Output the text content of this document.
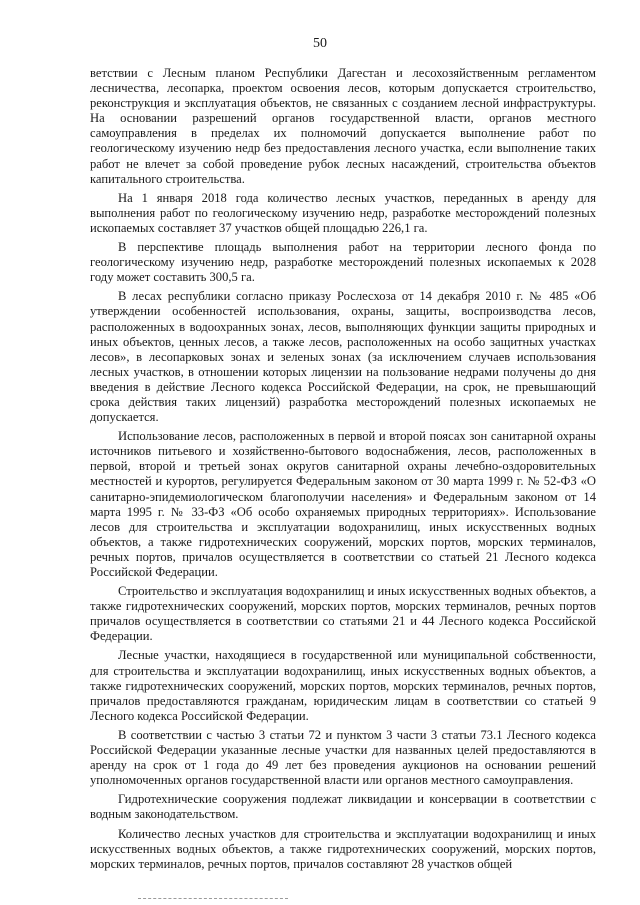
50

ветствии с Лесным планом Республики Дагестан и лесохозяйственным регламентом лесничества, лесопарка, проектом освоения лесов, которым допускается строительство, реконструкция и эксплуатация объектов, не связанных с созданием лесной инфраструктуры. На основании разрешений органов государственной власти, органов местного самоуправления в пределах их полномочий допускается выполнение работ по геологическому изучению недр без предоставления лесного участка, если выполнение таких работ не влечет за собой проведение рубок лесных насаждений, строительства объектов капитального строительства.

На 1 января 2018 года количество лесных участков, переданных в аренду для выполнения работ по геологическому изучению недр, разработке месторождений полезных ископаемых составляет 37 участков общей площадью 226,1 га.

В перспективе площадь выполнения работ на территории лесного фонда по геологическому изучению недр, разработке месторождений полезных ископаемых к 2028 году может составить 300,5 га.

В лесах республики согласно приказу Рослесхоза от 14 декабря 2010 г. № 485 «Об утверждении особенностей использования, охраны, защиты, воспроизводства лесов, расположенных в водоохранных зонах, лесов, выполняющих функции защиты природных и иных объектов, ценных лесов, а также лесов, расположенных на особо защитных участках лесов», в лесопарковых зонах и зеленых зонах (за исключением случаев использования лесных участков, в отношении которых лицензии на пользование недрами получены до дня введения в действие Лесного кодекса Российской Федерации, на срок, не превышающий срока действия таких лицензий) разработка месторождений полезных ископаемых не допускается.

Использование лесов, расположенных в первой и второй поясах зон санитарной охраны источников питьевого и хозяйственно-бытового водоснабжения, лесов, расположенных в первой, второй и третьей зонах округов санитарной охраны лечебно-оздоровительных местностей и курортов, регулируется Федеральным законом от 30 марта 1999 г. № 52-ФЗ «О санитарно-эпидемиологическом благополучии населения» и Федеральным законом от 14 марта 1995 г. № 33-ФЗ «Об особо охраняемых природных территориях». Использование лесов для строительства и эксплуатации водохранилищ, иных искусственных водных объектов, а также гидротехнических сооружений, морских портов, морских терминалов, речных портов, причалов осуществляется в соответствии со статьей 21 Лесного кодекса Российской Федерации.

Строительство и эксплуатация водохранилищ и иных искусственных водных объектов, а также гидротехнических сооружений, морских портов, морских терминалов, речных портов причалов осуществляется в соответствии со статьями 21 и 44 Лесного кодекса Российской Федерации.

Лесные участки, находящиеся в государственной или муниципальной собственности, для строительства и эксплуатации водохранилищ, иных искусственных водных объектов, а также гидротехнических сооружений, морских портов, морских терминалов, речных портов, причалов предоставляются гражданам, юридическим лицам в соответствии со статьей 9 Лесного кодекса Российской Федерации.

В соответствии с частью 3 статьи 72 и пунктом 3 части 3 статьи 73.1 Лесного кодекса Российской Федерации указанные лесные участки для названных целей предоставляются в аренду на срок от 1 года до 49 лет без проведения аукционов на основании решений уполномоченных органов государственной власти или органов местного самоуправления.

Гидротехнические сооружения подлежат ликвидации и консервации в соответствии с водным законодательством.

Количество лесных участков для строительства и эксплуатации водохранилищ и иных искусственных водных объектов, а также гидротехнических сооружений, морских портов, морских терминалов, речных портов, причалов составляют 28 участков общей
